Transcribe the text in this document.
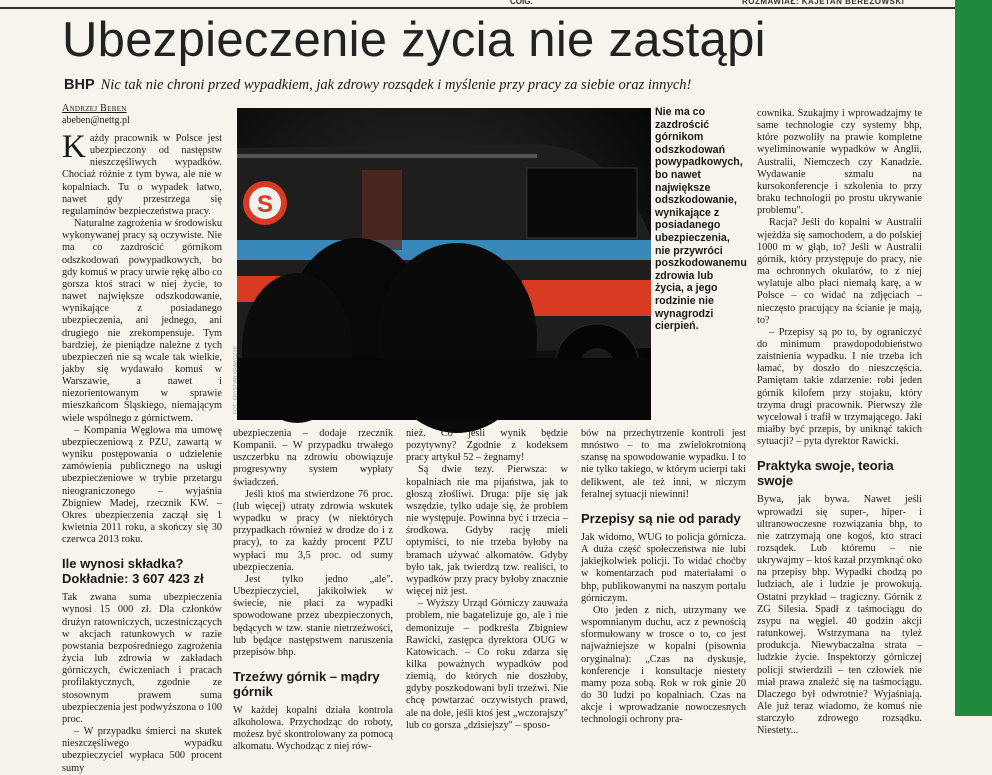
COIG.	ROZMAWIAŁ: KAJETAN BEREZOWSKI
Ubezpieczenie życia nie zastąpi
BHP Nic tak nie chroni przed wypadkiem, jak zdrowy rozsądek i myślenie przy pracy za siebie oraz innych!
Andrzej Beben
abeben@nettg.pl

Każdy pracownik w Polsce jest ubezpieczony od następstw nieszczęśliwych wypadków. Chociaż różnie z tym bywa, ale nie w kopalniach. Tu o wypadek łatwo, nawet gdy przestrzega się regulaminów bezpieczeństwa pracy.

Naturalne zagrożenia w środowisku wykonywanej pracy są oczywiste. Nie ma co zazdrościć górnikom odszkodowań powypadkowych, bo gdy komuś w pracy urwie rękę albo co gorsza ktoś straci w niej życie, to nawet największe odszkodowanie, wynikające z posiadanego ubezpieczenia, ani jednego, ani drugiego nie zrekompensuje. Tym bardziej, że pieniądze należne z tych ubezpieczeń nie są wcale tak wielkie, jakby się wydawało komuś w Warszawie, a nawet i niezorientowanym w sprawie mieszkańcom Śląskiego, niemającym wiele wspólnego z górnictwem.

– Kompania Węglowa ma umowę ubezpieczeniową z PZU, zawartą w wyniku postępowania o udzielenie zamówienia publicznego na usługi ubezpieczeniowe w trybie przetargu nieograniczonego – wyjaśnia Zbigniew Madej, rzecznik KW. – Okres ubezpieczenia zaczął się 1 kwietnia 2011 roku, a skończy się 30 czerwca 2013 roku.

Ile wynosi składka? Dokładnie: 3 607 423 zł

Tak zwana suma ubezpieczenia wynosi 15 000 zł. Dla członków drużyn ratowniczych, uczestniczących w akcjach ratunkowych w razie powstania bezpośredniego zagrożenia życia lub zdrowia w zakładach górniczych, ćwiczeniach i pracach profilaktycznych, zgodnie ze stosownym prawem suma ubezpieczenia jest podwyższona o 100 proc.

– W przypadku śmierci na skutek nieszczęśliwego wypadku ubezpieczyciel wypłaca 500 procent sumy

S
FOT.: KRYSTIAN KRAWCZYK
Nie ma co zazdrościć górnikom odszkodowań powypadkowych, bo nawet największe odszkodowanie, wynikające z posiadanego ubezpieczenia, nie przywróci poszkodowanemu zdrowia lub życia, a jego rodzinie nie wynagrodzi cierpień.

ubezpieczenia – dodaje rzecznik Kompanii. – W przypadku trwałego uszczerbku na zdrowiu obowiązuje progresywny system wypłaty świadczeń.

Jeśli ktoś ma stwierdzone 76 proc. (lub więcej) utraty zdrowia wskutek wypadku w pracy (w niektórych przypadkach również w drodze do i z pracy), to za każdy procent PZU wypłaci mu 3,5 proc. od sumy ubezpieczenia.

Jest tylko jedno „ale". Ubezpieczyciel, jakikolwiek w świecie, nie płaci za wypadki spowodowane przez ubezpieczonych, będących w tzw. stanie nietrzeźwości, lub będące następstwem naruszenia przepisów bhp.

Trzeźwy górnik – mądry górnik

W każdej kopalni działa kontrola alkoholowa. Przychodząc do roboty, możesz być skontrolowany za pomocą alkomatu. Wychodząc z niej rów-

nież. Co jeśli wynik będzie pozytywny? Zgodnie z kodeksem pracy artykuł 52 – żegnamy!

Są dwie tezy. Pierwsza: w kopalniach nie ma pijaństwa, jak to głoszą złośliwi. Druga: pije się jak wszędzie, tylko udaje się, że problem nie występuje. Powinna być i trzecia – środkowa. Gdyby rację mieli optymiści, to nie trzeba byłoby na bramach używać alkomatów. Gdyby było tak, jak twierdzą tzw. realiści, to wypadków przy pracy byłoby znacznie więcej niż jest.

– Wyższy Urząd Górniczy zauważa problem, nie bagatelizuje go, ale i nie demonizuje – podkreśla Zbigniew Rawicki, zastępca dyrektora OUG w Katowicach. – Co roku zdarza się kilka poważnych wypadków pod ziemią, do których nie doszłoby, gdyby poszkodowani byli trzeźwi. Nie chcę powtarzać oczywistych prawd, ale na dole, jeśli ktoś jest „wczorajszy" lub co gorsza „dzisiejszy" – sposo-

bów na przechytrzenie kontroli jest mnóstwo – to ma zwielokrotnioną szansę na spowodowanie wypadku. I to nie tylko takiego, w którym ucierpi taki delikwent, ale też inni, w niczym feralnej sytuacji niewinni!

Przepisy są nie od parady

Jak widomo, WUG to policja górnicza. A duża część społeczeństwa nie lubi jakiejkolwiek policji. To widać choćby w komentarzach pod materiałami o bhp, publikowanymi na naszym portalu górniczym.

Oto jeden z nich, utrzymany we wspomnianym duchu, acz z pewnością sformułowany w trosce o to, co jest najważniejsze w kopalni (pisownia oryginalna): „Czas na dyskusje, konferencje i konsultacje niestety mamy poza sobą. Rok w rok ginie 20 do 30 ludzi po kopalniach. Czas na akcje i wprowadzanie nowoczesnych technologii ochrony pra-

cownika. Szukajmy i wprowadzajmy te same technologie czy systemy bhp, które pozwoliły na prawie kompletne wyeliminowanie wypadków w Anglii, Australii, Niemczech czy Kanadzie. Wydawanie szmalu na kursokonferencje i szkolenia to przy braku technologii po prostu ukrywanie problemu".

Racja? Jeśli do kopalni w Australii wjeżdża się samochodem, a do polskiej 1000 m w głąb, to? Jeśli w Australii górnik, który przystępuje do pracy, nie ma ochronnych okularów, to z niej wylatuje albo płaci niemałą karę, a w Polsce – co widać na zdjęciach – nieczęsto pracujący na ścianie je mają, to?

– Przepisy są po to, by ograniczyć do minimum prawdopodobieństwo zaistnienia wypadku. I nie trzeba ich łamać, by doszło do nieszczęścia. Pamiętam takie zdarzenie: robi jeden górnik kilofem przy stojaku, który trzyma drugi pracownik. Pierwszy źle wycelował i trafił w trzymającego. Jaki miałby być przepis, by uniknąć takich sytuacji? – pyta dyrektor Rawicki.

Praktyka swoje, teoria swoje

Bywa, jak bywa. Nawet jeśli wprowadzi się super-, hiper- i ultranowoczesne rozwiązania bhp, to nie zatrzymają one kogoś, kto straci rozsądek. Lub któremu – nie ukrywajmy – ktoś kazał przymknąć oko na przepisy bhp. Wypadki chodzą po ludziach, ale i ludzie je prowokują. Ostatni przykład – tragiczny. Górnik z ZG Silesia. Spadł z taśmociągu do zsypu na węgiel. 40 godzin akcji ratunkowej. Wstrzymana na tyleż produkcja. Niewybaczalna strata – ludzkie życie. Inspektorzy górniczej policji stwierdzili – ten człowiek nie miał prawa znaleźć się na taśmociągu. Dlaczego był odwrotnie? Wyjaśniają. Ale już teraz wiadomo, że komuś nie starczyło zdrowego rozsądku. Niestety...
